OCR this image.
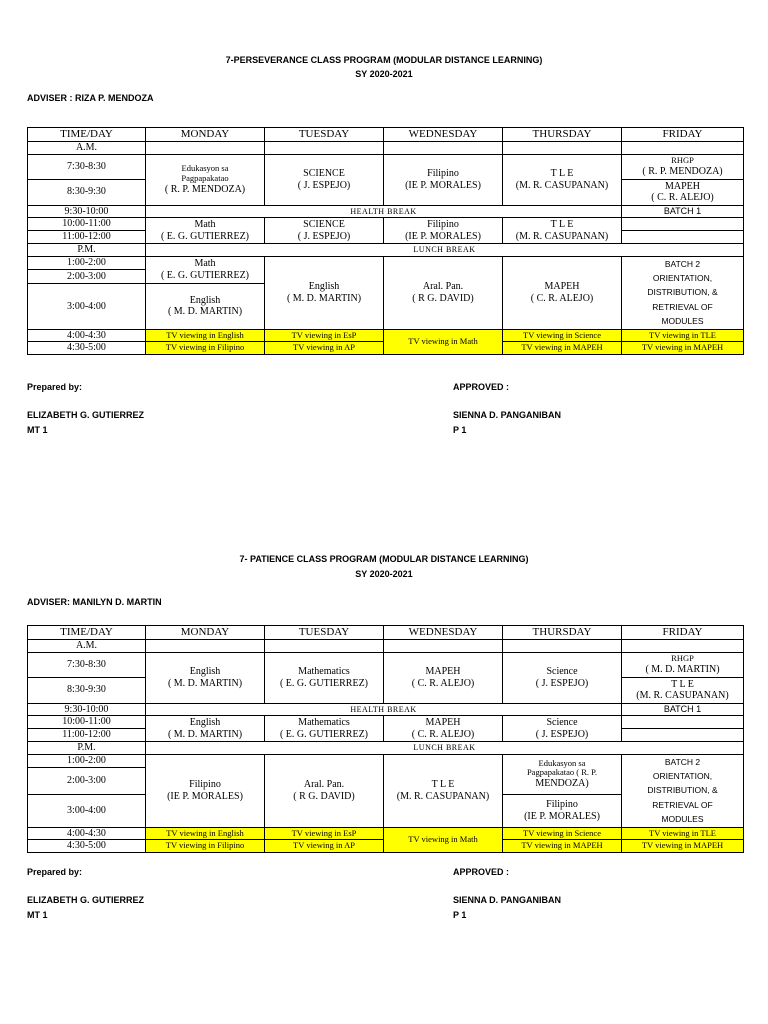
7-PERSEVERANCE CLASS PROGRAM (MODULAR DISTANCE LEARNING)
SY 2020-2021
ADVISER : RIZA P. MENDOZA
TIME/DAY	MONDAY	TUESDAY	WEDNESDAY	THURSDAY	FRIDAY
A.M.					
7:30-8:30	Edukasyon sa
Pagpapakatao
( R. P. MENDOZA)	SCIENCE
( J. ESPEJO)	Filipino
(IE P. MORALES)	T L E
(M. R. CASUPANAN)	RHGP
( R. P. MENDOZA)

8:30-9:30					MAPEH
( C. R. ALEJO)

9:30-10:00	HEALTH BREAK				BATCH 1
10:00-11:00	Math
( E. G. GUTIERREZ)	SCIENCE
( J. ESPEJO)	Filipino
(IE P. MORALES)	T L E
(M. R. CASUPANAN)	

11:00-12:00					
P.M.	LUNCH BREAK				
1:00-2:00	Math
( E. G. GUTIERREZ)	English
( M. D. MARTIN)	Aral. Pan.
( R G. DAVID)	MAPEH
( C. R. ALEJO)	BATCH 2
ORIENTATION,
DISTRIBUTION, &
RETRIEVAL OF
MODULES

2:00-3:00					
3:00-4:00	English
( M. D. MARTIN)				

4:00-4:30	TV viewing in English	TV viewing in EsP	TV viewing in Math	TV viewing in Science	TV viewing in TLE
4:30-5:00	TV viewing in Filipino	TV viewing in AP		TV viewing in MAPEH	TV viewing in MAPEH
Prepared by:	APPROVED :
ELIZABETH G. GUTIERREZ
MT 1
SIENNA D. PANGANIBAN
P 1
7- PATIENCE CLASS PROGRAM (MODULAR DISTANCE LEARNING)
SY 2020-2021
ADVISER: MANILYN D. MARTIN
TIME/DAY	MONDAY	TUESDAY	WEDNESDAY	THURSDAY	FRIDAY
A.M.					
7:30-8:30	English
( M. D. MARTIN)	Mathematics
( E. G. GUTIERREZ)	MAPEH
( C. R. ALEJO)	Science
( J. ESPEJO)	RHGP
( M. D. MARTIN)

8:30-9:30					T L E
(M. R. CASUPANAN)

9:30-10:00	HEALTH BREAK				BATCH 1
10:00-11:00	English
( M. D. MARTIN)	Mathematics
( E. G. GUTIERREZ)	MAPEH
( C. R. ALEJO)	Science
( J. ESPEJO)	

11:00-12:00					
P.M.	LUNCH BREAK				
1:00-2:00	Filipino
(IE P. MORALES)	Aral. Pan.
( R G. DAVID)	T L E
(M. R. CASUPANAN)	Edukasyon sa
Pagpapakatao ( R. P.
MENDOZA)	BATCH 2
ORIENTATION,
DISTRIBUTION, &
RETRIEVAL OF
MODULES

2:00-3:00					
3:00-4:00				Filipino
(IE P. MORALES)	

4:00-4:30	TV viewing in English	TV viewing in EsP	TV viewing in Math	TV viewing in Science	TV viewing in TLE
4:30-5:00	TV viewing in Filipino	TV viewing in AP		TV viewing in MAPEH	TV viewing in MAPEH
Prepared by:	APPROVED :
ELIZABETH G. GUTIERREZ
MT 1
SIENNA D. PANGANIBAN
P 1
